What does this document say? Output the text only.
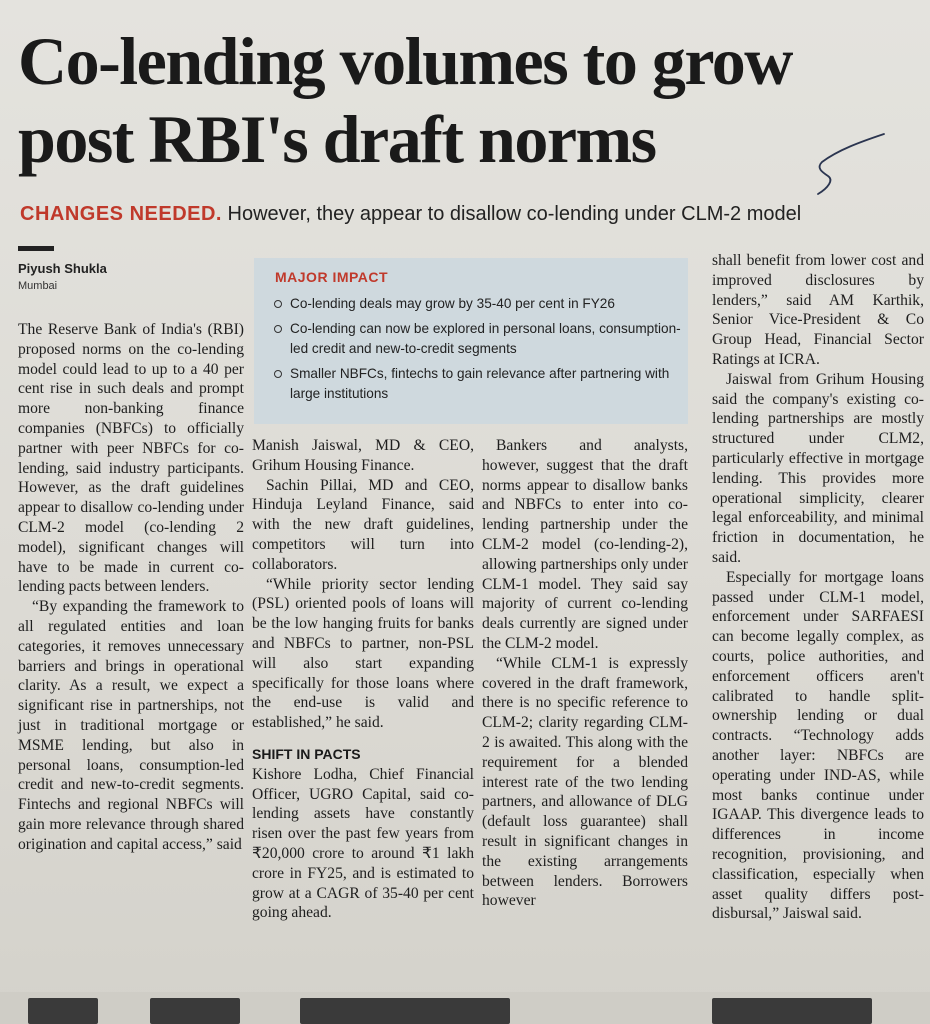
Co-lending volumes to grow post RBI's draft norms
CHANGES NEEDED. However, they appear to disallow co-lending under CLM-2 model
Piyush Shukla
Mumbai
MAJOR IMPACT
Co-lending deals may grow by 35-40 per cent in FY26
Co-lending can now be explored in personal loans, consumption-led credit and new-to-credit segments
Smaller NBFCs, fintechs to gain relevance after partnering with large institutions

The Reserve Bank of India's (RBI) proposed norms on the co-lending model could lead to up to a 40 per cent rise in such deals and prompt more non-banking finance companies (NBFCs) to officially partner with peer NBFCs for co-lending, said industry participants. However, as the draft guidelines appear to disallow co-lending under CLM-2 model (co-lending 2 model), significant changes will have to be made in current co-lending pacts between lenders.

“By expanding the framework to all regulated entities and loan categories, it removes unnecessary barriers and brings in operational clarity. As a result, we expect a significant rise in partnerships, not just in traditional mortgage or MSME lending, but also in personal loans, consumption-led credit and new-to-credit segments. Fintechs and regional NBFCs will gain more relevance through shared origination and capital access,” said

Manish Jaiswal, MD & CEO, Grihum Housing Finance.

Sachin Pillai, MD and CEO, Hinduja Leyland Finance, said with the new draft guidelines, competitors will turn into collaborators.

“While priority sector lending (PSL) oriented pools of loans will be the low hanging fruits for banks and NBFCs to partner, non-PSL will also start expanding specifically for those loans where the end-use is valid and established,” he said.

SHIFT IN PACTS

Kishore Lodha, Chief Financial Officer, UGRO Capital, said co-lending assets have constantly risen over the past few years from ₹20,000 crore to around ₹1 lakh crore in FY25, and is estimated to grow at a CAGR of 35-40 per cent going ahead.

Bankers and analysts, however, suggest that the draft norms appear to disallow banks and NBFCs to enter into co-lending partnership under the CLM-2 model (co-lending-2), allowing partnerships only under CLM-1 model. They said say majority of current co-lending deals currently are signed under the CLM-2 model.

“While CLM-1 is expressly covered in the draft framework, there is no specific reference to CLM-2; clarity regarding CLM-2 is awaited. This along with the requirement for a blended interest rate of the two lending partners, and allowance of DLG (default loss guarantee) shall result in significant changes in the existing arrangements between lenders. Borrowers however

shall benefit from lower cost and improved disclosures by lenders,” said AM Karthik, Senior Vice-President & Co Group Head, Financial Sector Ratings at ICRA.

Jaiswal from Grihum Housing said the company's existing co-lending partnerships are mostly structured under CLM2, particularly effective in mortgage lending. This provides more operational simplicity, clearer legal enforceability, and minimal friction in documentation, he said.

Especially for mortgage loans passed under CLM-1 model, enforcement under SARFAESI can become legally complex, as courts, police authorities, and enforcement officers aren't calibrated to handle split-ownership lending or dual contracts. “Technology adds another layer: NBFCs are operating under IND-AS, while most banks continue under IGAAP. This divergence leads to differences in income recognition, provisioning, and classification, especially when asset quality differs post-disbursal,” Jaiswal said.
